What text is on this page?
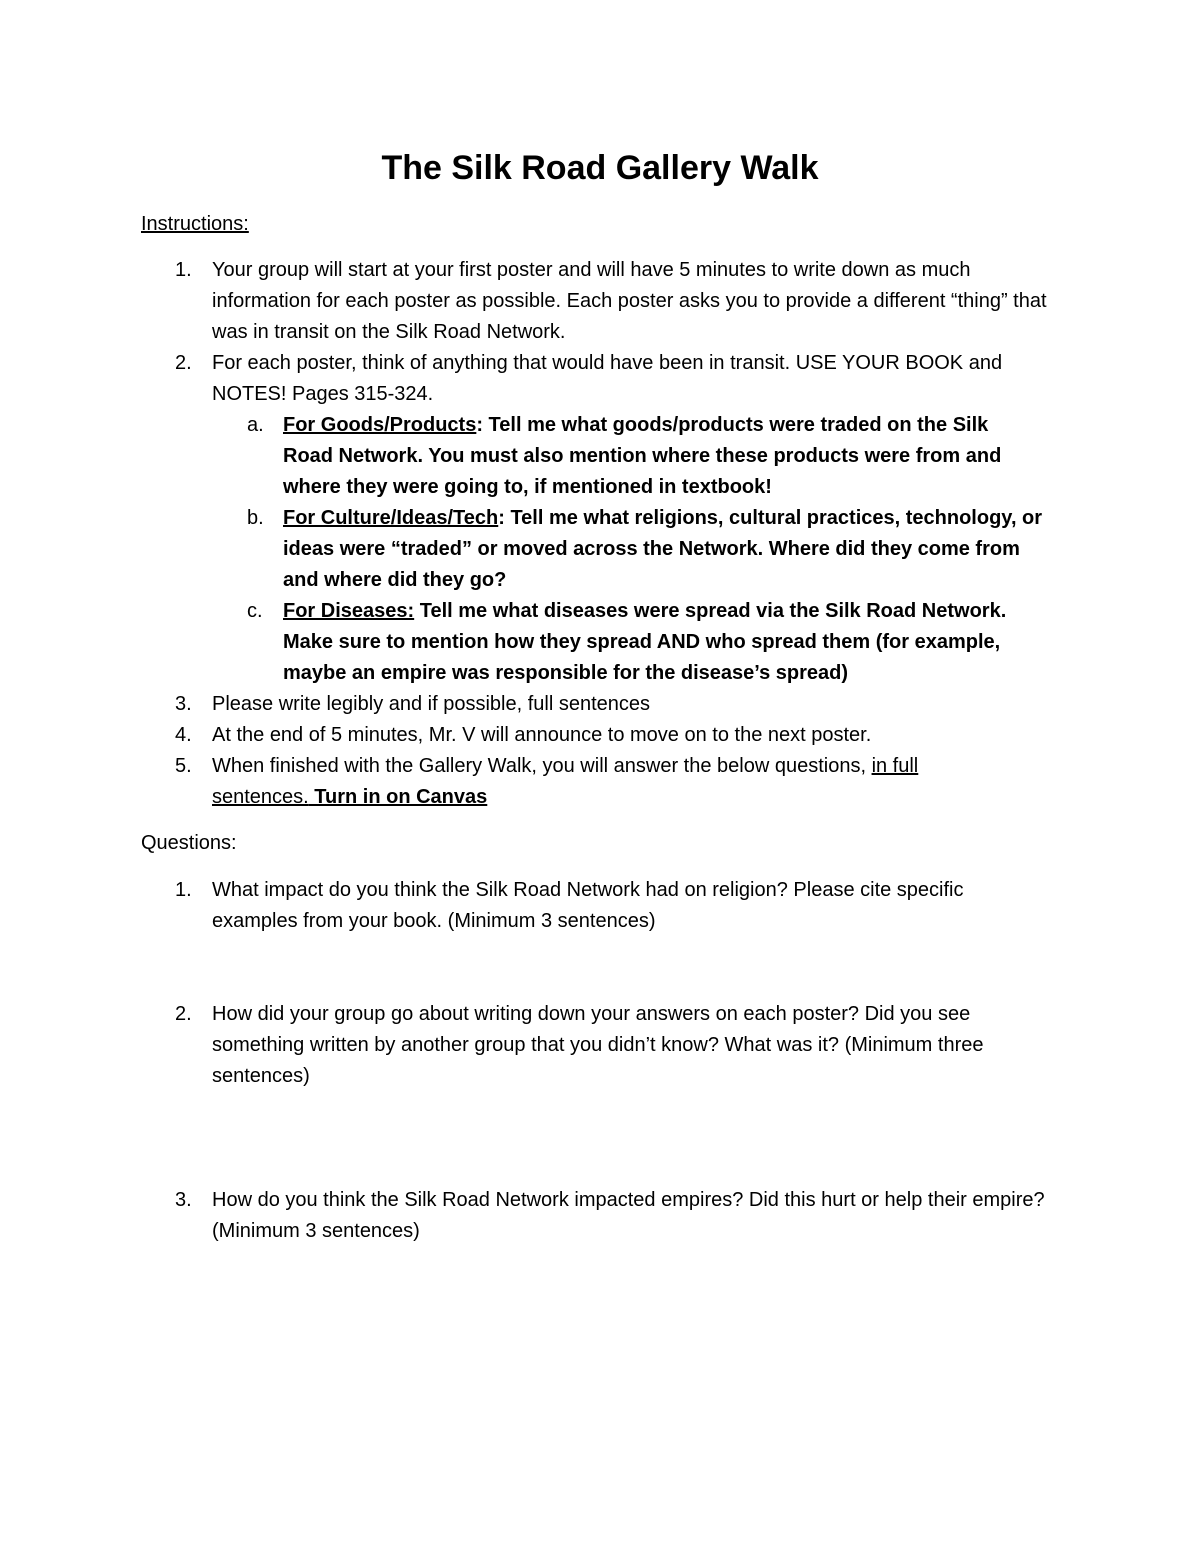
The Silk Road Gallery Walk
Instructions:
1. Your group will start at your first poster and will have 5 minutes to write down as much information for each poster as possible. Each poster asks you to provide a different “thing” that was in transit on the Silk Road Network.
2. For each poster, think of anything that would have been in transit. USE YOUR BOOK and NOTES! Pages 315-324.
a. For Goods/Products: Tell me what goods/products were traded on the Silk Road Network. You must also mention where these products were from and where they were going to, if mentioned in textbook!
b. For Culture/Ideas/Tech: Tell me what religions, cultural practices, technology, or ideas were “traded” or moved across the Network. Where did they come from and where did they go?
c. For Diseases: Tell me what diseases were spread via the Silk Road Network. Make sure to mention how they spread AND who spread them (for example, maybe an empire was responsible for the disease’s spread)
3. Please write legibly and if possible, full sentences
4. At the end of 5 minutes, Mr. V will announce to move on to the next poster.
5. When finished with the Gallery Walk, you will answer the below questions, in full sentences. Turn in on Canvas
Questions:
1. What impact do you think the Silk Road Network had on religion? Please cite specific examples from your book. (Minimum 3 sentences)
2. How did your group go about writing down your answers on each poster? Did you see something written by another group that you didn’t know? What was it? (Minimum three sentences)
3. How do you think the Silk Road Network impacted empires? Did this hurt or help their empire? (Minimum 3 sentences)
